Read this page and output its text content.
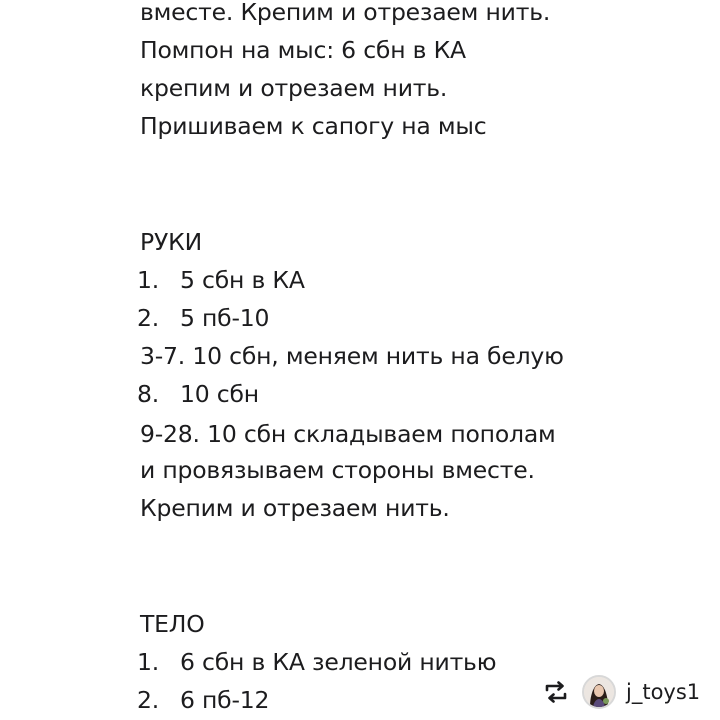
вместе. Крепим и отрезаем нить.
Помпон на мыс: 6 сбн в КА
крепим и отрезаем нить.
Пришиваем к сапогу на мыс
РУКИ
1. 5 сбн в КА
2. 5 пб-10
3-7. 10 сбн, меняем нить на белую
8. 10 сбн
9-28. 10 сбн складываем пополам
и провязываем стороны вместе.
Крепим и отрезаем нить.
ТЕЛО
1. 6 сбн в КА зеленой нитью
2. 6 пб-12	j_toys1
